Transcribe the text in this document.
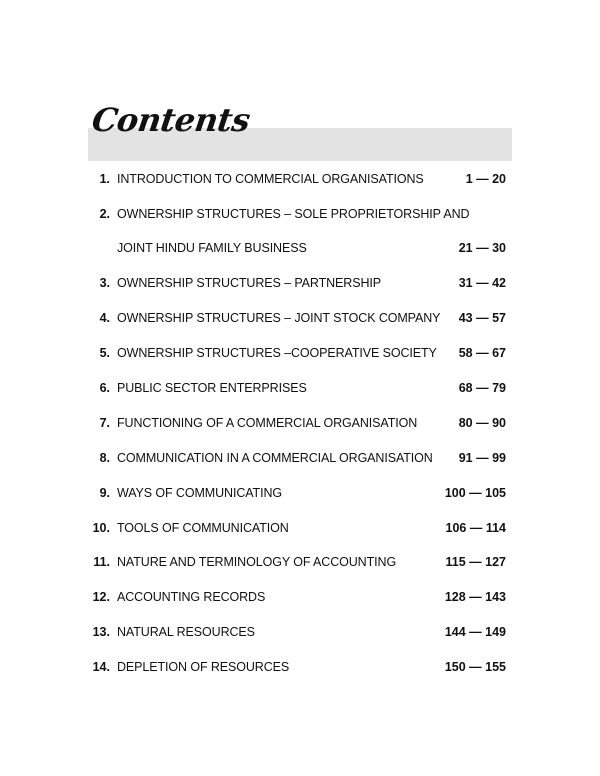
Contents
1. INTRODUCTION TO COMMERCIAL ORGANISATIONS	1 — 20
2. OWNERSHIP STRUCTURES – SOLE PROPRIETORSHIP AND
JOINT HINDU FAMILY BUSINESS	21 — 30
3. OWNERSHIP STRUCTURES – PARTNERSHIP	31 — 42
4. OWNERSHIP STRUCTURES – JOINT STOCK COMPANY 43 — 57
5. OWNERSHIP STRUCTURES –COOPERATIVE SOCIETY 58 — 67
6. PUBLIC SECTOR ENTERPRISES	68 — 79
7. FUNCTIONING OF A COMMERCIAL ORGANISATION	80 — 90
8. COMMUNICATION IN A COMMERCIAL ORGANISATION 91 — 99
9. WAYS OF COMMUNICATING	100 — 105
10. TOOLS OF COMMUNICATION	106 — 114
11. NATURE AND TERMINOLOGY OF ACCOUNTING	115 — 127
12. ACCOUNTING RECORDS	128 — 143
13. NATURAL RESOURCES	144 — 149
14. DEPLETION OF RESOURCES	150 — 155
